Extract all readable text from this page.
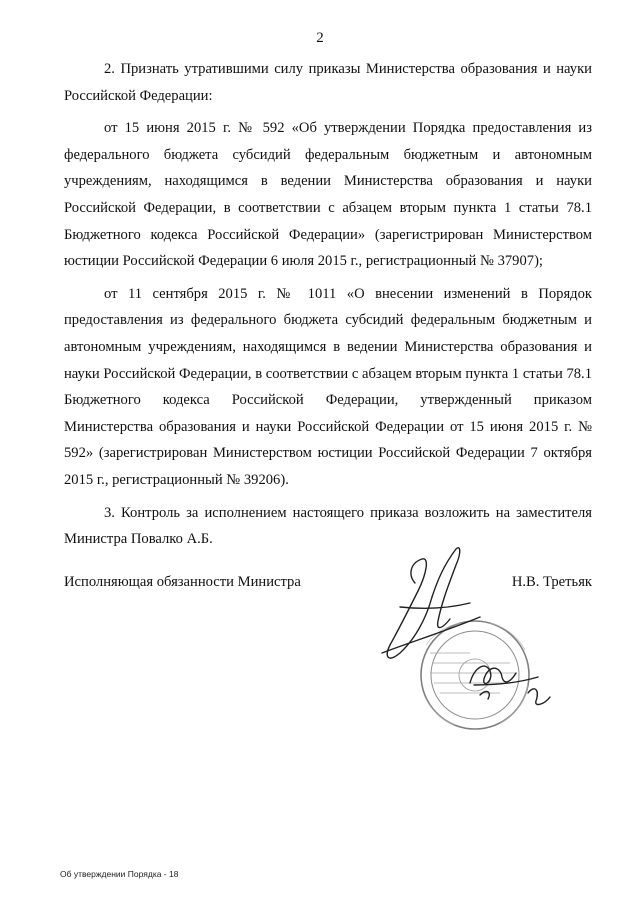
2

2. Признать утратившими силу приказы Министерства образования и науки Российской Федерации:

от 15 июня 2015 г. № 592 «Об утверждении Порядка предоставления из федерального бюджета субсидий федеральным бюджетным и автономным учреждениям, находящимся в ведении Министерства образования и науки Российской Федерации, в соответствии с абзацем вторым пункта 1 статьи 78.1 Бюджетного кодекса Российской Федерации» (зарегистрирован Министерством юстиции Российской Федерации 6 июля 2015 г., регистрационный № 37907);

от 11 сентября 2015 г. № 1011 «О внесении изменений в Порядок предоставления из федерального бюджета субсидий федеральным бюджетным и автономным учреждениям, находящимся в ведении Министерства образования и науки Российской Федерации, в соответствии с абзацем вторым пункта 1 статьи 78.1 Бюджетного кодекса Российской Федерации, утвержденный приказом Министерства образования и науки Российской Федерации от 15 июня 2015 г. № 592» (зарегистрирован Министерством юстиции Российской Федерации 7 октября 2015 г., регистрационный № 39206).

3. Контроль за исполнением настоящего приказа возложить на заместителя Министра Повалко А.Б.

Исполняющая обязанности Министра	Н.В. Третьяк
Об утверждении Порядка - 18
